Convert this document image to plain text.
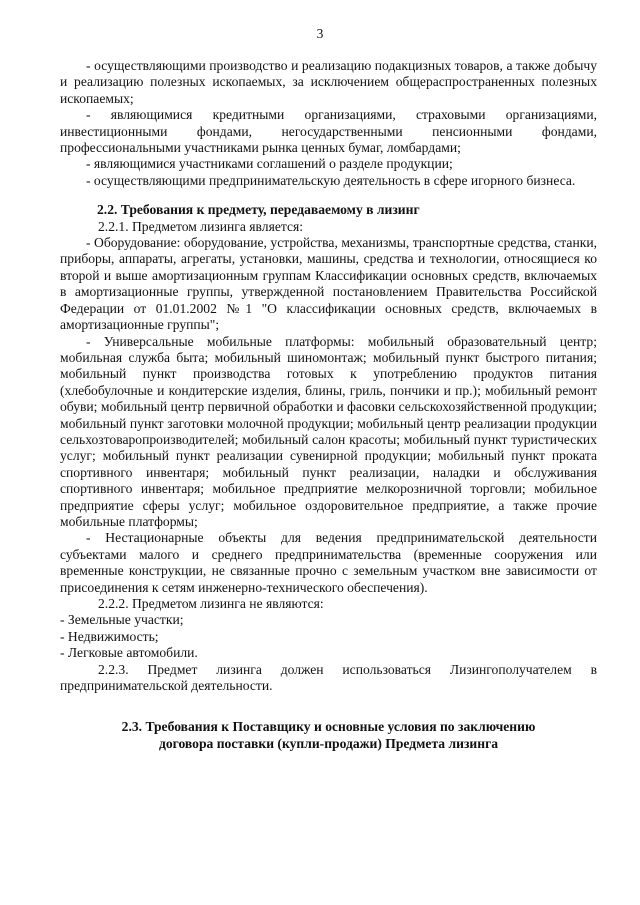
3

- осуществляющими производство и реализацию подакцизных товаров, а также добычу и реализацию полезных ископаемых, за исключением общераспространенных полезных ископаемых;

- являющимися кредитными организациями, страховыми организациями, инвестиционными фондами, негосударственными пенсионными фондами, профессиональными участниками рынка ценных бумаг, ломбардами;

- являющимися участниками соглашений о разделе продукции;

- осуществляющими предпринимательскую деятельность в сфере игорного бизнеса.

2.2. Требования к предмету, передаваемому в лизинг

2.2.1. Предметом лизинга является:

- Оборудование: оборудование, устройства, механизмы, транспортные средства, станки, приборы, аппараты, агрегаты, установки, машины, средства и технологии, относящиеся ко второй и выше амортизационным группам Классификации основных средств, включаемых в амортизационные группы, утвержденной постановлением Правительства Российской Федерации от 01.01.2002 №1 "О классификации основных средств, включаемых в амортизационные группы";

- Универсальные мобильные платформы: мобильный образовательный центр; мобильная служба быта; мобильный шиномонтаж; мобильный пункт быстрого питания; мобильный пункт производства готовых к употреблению продуктов питания (хлебобулочные и кондитерские изделия, блины, гриль, пончики и пр.); мобильный ремонт обуви; мобильный центр первичной обработки и фасовки сельскохозяйственной продукции; мобильный пункт заготовки молочной продукции; мобильный центр реализации продукции сельхозтоваропроизводителей; мобильный салон красоты; мобильный пункт туристических услуг; мобильный пункт реализации сувенирной продукции; мобильный пункт проката спортивного инвентаря; мобильный пункт реализации, наладки и обслуживания спортивного инвентаря; мобильное предприятие мелкорозничной торговли; мобильное предприятие сферы услуг; мобильное оздоровительное предприятие, а также прочие мобильные платформы;

- Нестационарные объекты для ведения предпринимательской деятельности субъектами малого и среднего предпринимательства (временные сооружения или временные конструкции, не связанные прочно с земельным участком вне зависимости от присоединения к сетям инженерно-технического обеспечения).

2.2.2. Предметом лизинга не являются:

- Земельные участки;

- Недвижимость;

- Легковые автомобили.

2.2.3. Предмет лизинга должен использоваться Лизингополучателем в предпринимательской деятельности.

2.3. Требования к Поставщику и основные условия по заключению
договора поставки (купли-продажи) Предмета лизинга
